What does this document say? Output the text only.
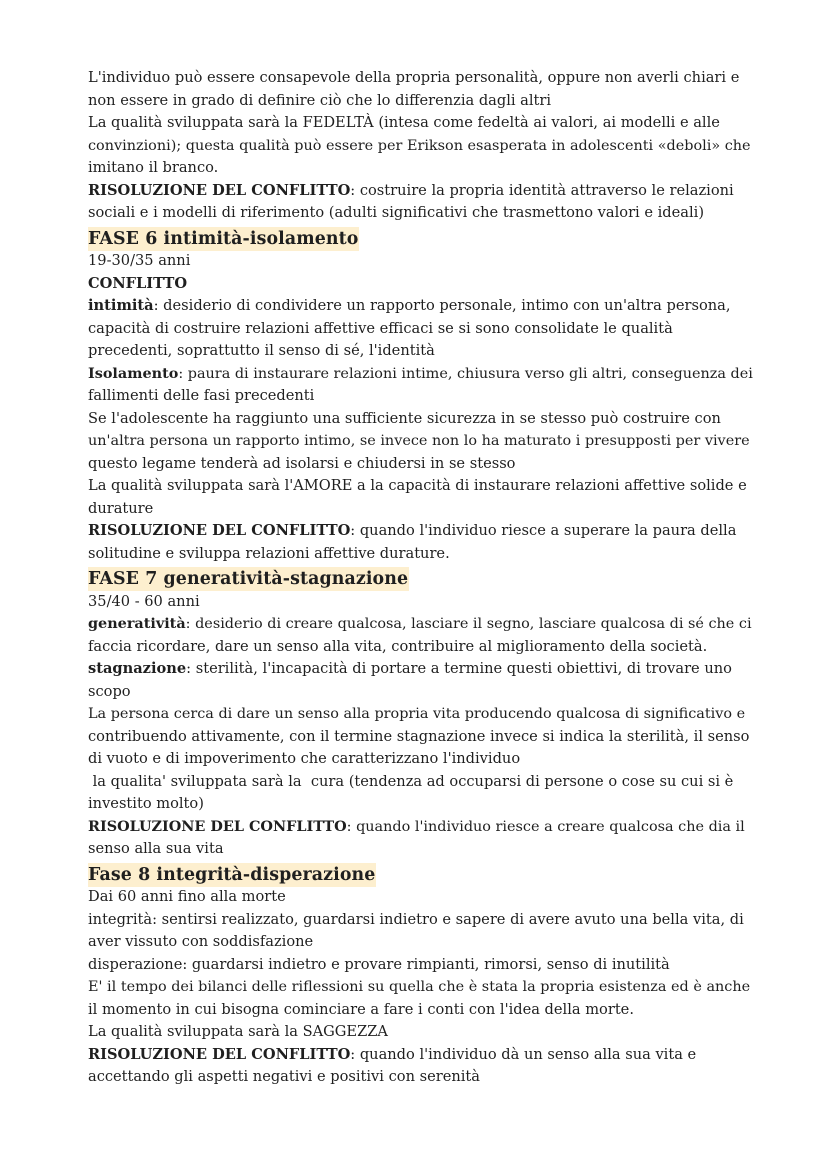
L'individuo può essere consapevole della propria personalità, oppure non averli chiari e
non essere in grado di definire ciò che lo differenzia dagli altri
La qualità sviluppata sarà la FEDELTÀ (intesa come fedeltà ai valori, ai modelli e alle
convinzioni); questa qualità può essere per Erikson esasperata in adolescenti «deboli» che
imitano il branco.
RISOLUZIONE DEL CONFLITTO: costruire la propria identità attraverso le relazioni
sociali e i modelli di riferimento (adulti significativi che trasmettono valori e ideali)
FASE 6 intimità-isolamento
19-30/35 anni
CONFLITTO
intimità: desiderio di condividere un rapporto personale, intimo con un'altra persona,
capacità di costruire relazioni affettive efficaci se si sono consolidate le qualità
precedenti, soprattutto il senso di sé, l'identità
Isolamento: paura di instaurare relazioni intime, chiusura verso gli altri, conseguenza dei
fallimenti delle fasi precedenti
Se l'adolescente ha raggiunto una sufficiente sicurezza in se stesso può costruire con
un'altra persona un rapporto intimo, se invece non lo ha maturato i presupposti per vivere
questo legame tenderà ad isolarsi e chiudersi in se stesso
La qualità sviluppata sarà l'AMORE a la capacità di instaurare relazioni affettive solide e
durature
RISOLUZIONE DEL CONFLITTO: quando l'individuo riesce a superare la paura della
solitudine e sviluppa relazioni affettive durature.
FASE 7 generatività-stagnazione
35/40 - 60 anni
generatività: desiderio di creare qualcosa, lasciare il segno, lasciare qualcosa di sé che ci
faccia ricordare, dare un senso alla vita, contribuire al miglioramento della società.
stagnazione: sterilità, l'incapacità di portare a termine questi obiettivi, di trovare uno
scopo
La persona cerca di dare un senso alla propria vita producendo qualcosa di significativo e
contribuendo attivamente, con il termine stagnazione invece si indica la sterilità, il senso
di vuoto e di impoverimento che caratterizzano l'individuo
la qualita' sviluppata sarà la  cura (tendenza ad occuparsi di persone o cose su cui si è
investito molto)
RISOLUZIONE DEL CONFLITTO: quando l'individuo riesce a creare qualcosa che dia il
senso alla sua vita
Fase 8 integrità-disperazione
Dai 60 anni fino alla morte
integrità: sentirsi realizzato, guardarsi indietro e sapere di avere avuto una bella vita, di
aver vissuto con soddisfazione
disperazione: guardarsi indietro e provare rimpianti, rimorsi, senso di inutilità
E' il tempo dei bilanci delle riflessioni su quella che è stata la propria esistenza ed è anche
il momento in cui bisogna cominciare a fare i conti con l'idea della morte.
La qualità sviluppata sarà la SAGGEZZA
RISOLUZIONE DEL CONFLITTO: quando l'individuo dà un senso alla sua vita e
accettando gli aspetti negativi e positivi con serenità
